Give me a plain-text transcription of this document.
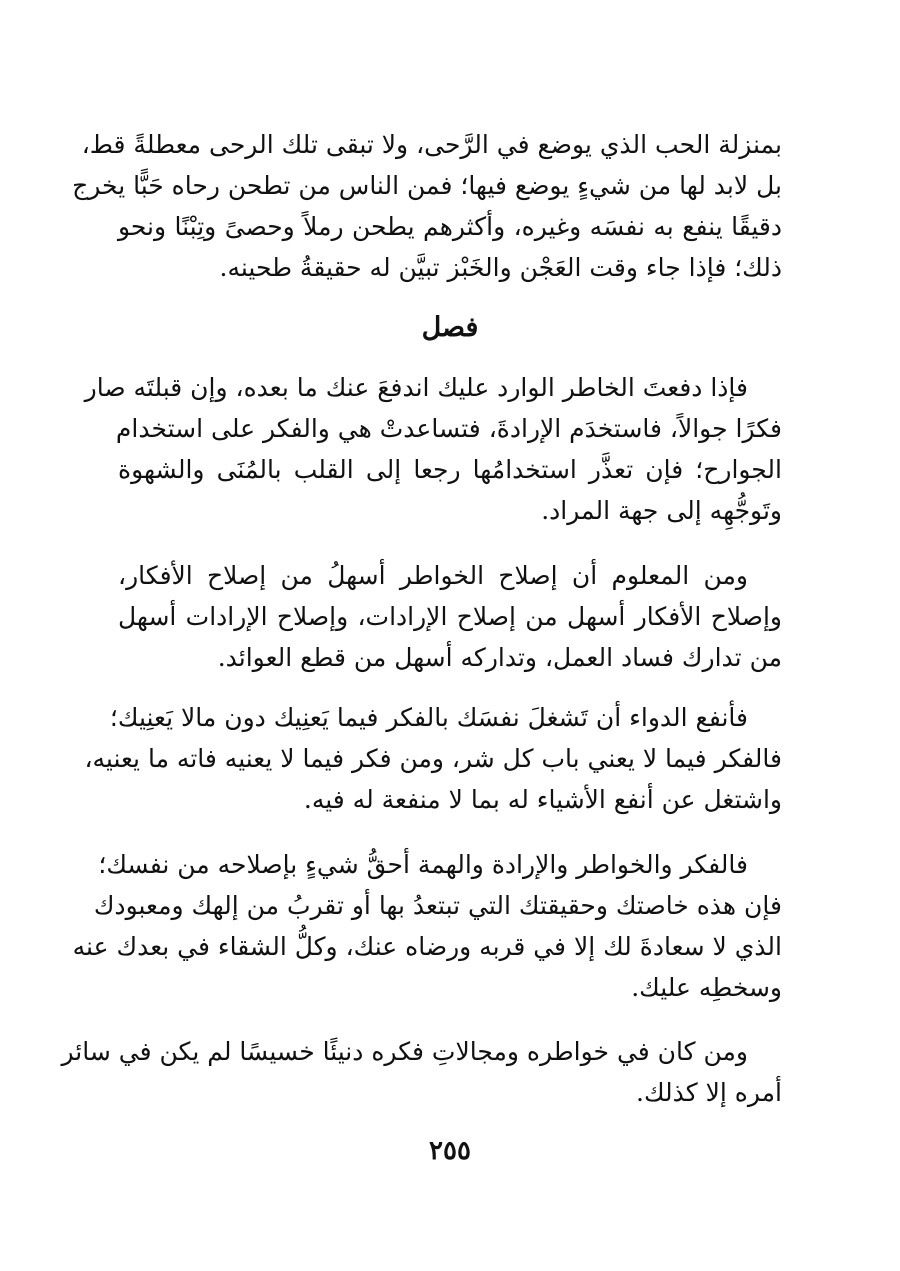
بمنزلة الحب الذي يوضع في الرَّحى، ولا تبقى تلك الرحى معطلةً قط،
بل لابد لها من شيءٍ يوضع فيها؛ فمن الناس من تطحن رحاه حَبًّا يخرج
دقيقًا ينفع به نفسَه وغيره، وأكثرهم يطحن رملاً وحصىً وتِبْنًا ونحو
ذلك؛ فإذا جاء وقت العَجْن والخَبْز تبيَّن له حقيقةُ طحينه.
فصل
فإذا دفعتَ الخاطر الوارد عليك اندفعَ عنك ما بعده، وإن قبلتَه صار
فكرًا جوالاً، فاستخدَم الإرادةَ، فتساعدتْ هي والفكر على استخدام
الجوارح؛ فإن تعذَّر استخدامُها رجعا إلى القلب بالمُنَى والشهوة
وتَوجُّهِه إلى جهة المراد.
ومن المعلوم أن إصلاح الخواطر أسهلُ من إصلاح الأفكار،
وإصلاح الأفكار أسهل من إصلاح الإرادات، وإصلاح الإرادات أسهل
من تدارك فساد العمل، وتداركه أسهل من قطع العوائد.
فأنفع الدواء أن تَشغلَ نفسَك بالفكر فيما يَعنِيك دون مالا يَعنِيك؛
فالفكر فيما لا يعني باب كل شر، ومن فكر فيما لا يعنيه فاته ما يعنيه،
واشتغل عن أنفع الأشياء له بما لا منفعة له فيه.
فالفكر والخواطر والإرادة والهمة أحقُّ شيءٍ بإصلاحه من نفسك؛
فإن هذه خاصتك وحقيقتك التي تبتعدُ بها أو تقربُ من إلهك ومعبودك
الذي لا سعادةَ لك إلا في قربه ورضاه عنك، وكلُّ الشقاء في بعدك عنه
وسخطِه عليك.
ومن كان في خواطره ومجالاتِ فكره دنيئًا خسيسًا لم يكن في سائر
أمره إلا كذلك.
٢٥٥
